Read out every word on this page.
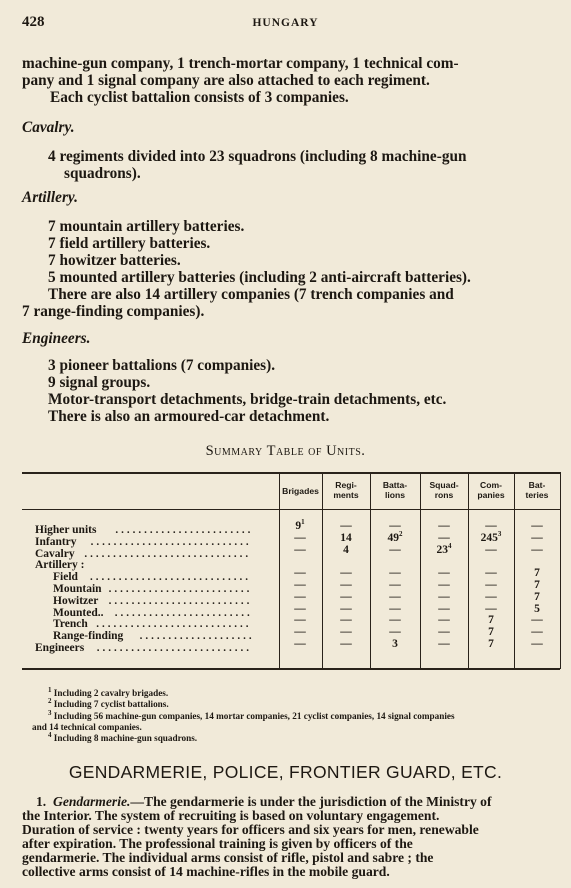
428	HUNGARY
machine-gun company, 1 trench-mortar company, 1 technical com-
pany and 1 signal company are also attached to each regiment.
Each cyclist battalion consists of 3 companies.
Cavalry.
4 regiments divided into 23 squadrons (including 8 machine-gun
squadrons).
Artillery.
7 mountain artillery batteries.
7 field artillery batteries.
7 howitzer batteries.
5 mounted artillery batteries (including 2 anti-aircraft batteries).
There are also 14 artillery companies (7 trench companies and
7 range-finding companies).
Engineers.
3 pioneer battalions (7 companies).
9 signal groups.
Motor-transport detachments, bridge-train detachments, etc.
There is also an armoured-car detachment.
Summary Table of Units.
Brigades
Regi-
ments
Batta-
lions
Squad-
rons
Com-
panies
Bat-
teries
Higher units ........................	$9^1$	—	—	—	—	—
Infantry ............................	—	14	$49^2$	—	$245^3$	—
Cavalry .............................	—	4	—	$23^4$	—	—
Artillery :
Field ............................	—	—	—	—	—	7
Mountain .........................	—	—	—	—	—	7
Howitzer .........................	—	—	—	—	—	7
Mounted.. ........................	—	—	—	—	—	5
Trench ...........................	—	—	—	—	7	—
Range-finding ....................	—	—	—	—	7	—
Engineers ...........................	—	—	3	—	7	—
$^1$ Including 2 cavalry brigades.
$^2$ Including 7 cyclist battalions.
$^3$ Including 56 machine-gun companies, 14 mortar companies, 21 cyclist companies, 14 signal companies
and 14 technical companies.
$^4$ Including 8 machine-gun squadrons.
GENDARMERIE, POLICE, FRONTIER GUARD, ETC.
1. Gendarmerie.—The gendarmerie is under the jurisdiction of the Ministry of
the Interior. The system of recruiting is based on voluntary engagement.
Duration of service : twenty years for officers and six years for men, renewable
after expiration. The professional training is given by officers of the
gendarmerie. The individual arms consist of rifle, pistol and sabre ; the
collective arms consist of 14 machine-rifles in the mobile guard.
